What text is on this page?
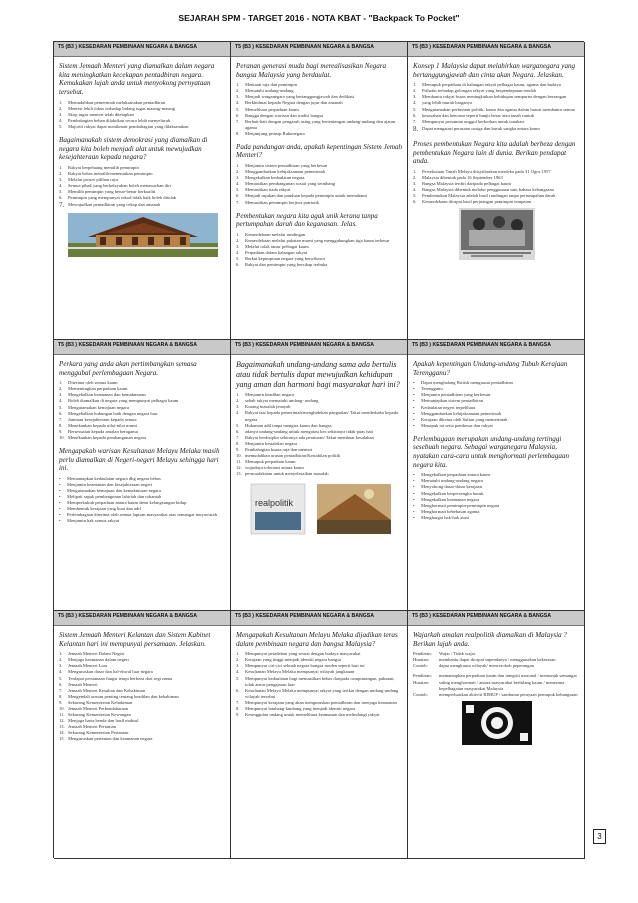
SEJARAH SPM - TARGET 2016 - NOTA KBAT - "Backpack To Pocket"
T5 (B3 ) KESEDARAN PEMBINAAN NEGARA & BANGSA
Sistem Jemaah Menteri yang diamalkan dalam negara kita meningkatkan kecekapan pentadbiran negara. Kemukakan lujah anda untuk menyokong pernyataan tersebut.
1.	Memudahkan pemerintah melaksanakan pentadbiran
2.	Menteri lebih fokus terhadap bidang tugas masing-masing
3.	Skop tugas menteri telah ditetapkan
4.	Pembahagian beban dilakukan secara lebih menyeluruh
5.	Majoriti rakyat dapat menikmati pembahagian yang dilaksanakan
Bagaimanakah sistem demokrasi yang diamalkan di negara kita boleh menjadi alat untuk mewujudkan kesejahteraan kepada negara?
1.	Rakyat berpeluang memilih pemimpin
2.	Rakyat bebas memilih/menentukan pemimpin
3.	Melalui proses pilihan raya
4.	Semua pihak yang berkelayakan boleh menawarkan diri
5.	Memilih pemimpin yang benar-benar berkualiti
6.	Pemimpin yang mempunyai rekod tidak baik boleh ditolak
7. Mewujudkan pentadbiran yang cekap dan amanah
T5 (B3 ) KESEDARAN PEMBINAAN NEGARA & BANGSA
Peranan generasi muda bagi merealisasikan Negara bangsa Malaysia yang berdaulat.
1.	Mentaati raja dan pemimpin
2.	Mematuhi undang-undang
3.	Menjadi warganegara yang bertanggungjawab dan dedikasi
4.	Berkhidmat kepada Negara dengan jujur dan amanah
5.	Memelihara perpaduan kaum
6.	Bangga dengan warisan dan tradisi bangsa
7.	Berhati-hati dengan pengaruh asing yang bertentangan undang-undang dan ajaran agama
8.	Menjunjung prinsip Rukunegara
Pada pandangan anda, apakah kepentingan Sistem Jemah Menteri?
1.	Menjamin sistem pentadbiran yang berkesan
2.	Menggambarkan kebijaksanaan pemerintah
3.	Mengekalkan kedaulatan negara
4.	Memastikan pembangunan sosial yang seimbang
5.	Memastikan tiada rakyat
6.	Menjadi rujukan dan panduan kepada pemimpin untuk memahami
7.	Memastikan pemimpin berjiwa patriotik
Pembentukan negara kita agak unik kerana tanpa pertumpahan darah dan keganasan. Jelas.
1.	Kemerdekaan melalui rundingan
2.	Kemerdekaan melalui pakatan murni yang menggabungkan tiga kaum terbesar
3.	Melalui tolak ansur pelbagai kaum
4.	Perpaduan dalam kalangan rakyat
5.	Berkat kepimpinan negara yang berwibawa
6.	Rakyat dan pemimpin yang bersikap terbuka
T5 (B3 ) KESEDARAN PEMBINAAN NEGARA & BANGSA
Konsep 1 Malaysia dapat melahirkan warganegara yang bertanggungjawab dan cinta akan Negara. Jelaskan.
1.	Memupuk perpaduan di kalangan rakyat pelbagai kaum, agama dan budaya
2.	Prihatin terhadap golongan rakyat yang berpendapatan rendah
3.	Membantu rakyat bsaas meningkatkan kehidupan sempurna dengan bersangan
4.	yang lebih murah harganya
5.	Mengutamakan perbezaan politik, kaum dan agama dalam hasrat membantu semua
6.	kesusahan dan bencana seperti banjir besar atau tanah runtuh
7.	Mempunyai persaman unggul berkorban untuk tanahair
8. Dapat mengatasi perasaan curiga dan buruk sangka antara kaum
Proses pembentukan Negara kita adalah berbeza dengan pembentukan Negara lain di dunia. Berikan pendapat anda.
1.	Persekutuan Tanah Melayu diisytiharkan merdeka pada 31 Ogos 1957
2.	Malaysia dibentuk pada 16 September 1963
3.	Bangsa Malaysia terdiri daripada pelbagai kaum
4.	Bangsa Malaysia dibentuk melalui penggunaan satu bahasa kebangsaan
5.	Pembentukan Malaysia adalah hasil rundingan tanpa pertumpahan darah
6.	Kemerdekaan dicapai hasil perjuangan pemimpin tempatan
T5 (B3 ) KESEDARAN PEMBINAAN NEGARA & BANGSA
Perkara yang anda akan pertimbangkan semasa menggubal perlembagaan Negara.
1.	Diterima oleh semua kaum
2.	Mementingkan perpaduan kaum
3.	Mengekalkan keamanan dan kemakmuran
4.	Boleh diamalkan di negara yang mempunyai pelbagai kaum
5.	Mengutamakan kemajuan negara
6.	Mengekalkan hubungan baik dengan negara luar
7.	Jaminan kesejahteraan kepada semua
8.	Menekankan kepada nilai-nilai murni
9.	Bersesuaian kepada amalan beragama
10. Menekankan kepada pembangunan negara
Mengapakah warisan Kesultanan Melayu Melaka masih perlu diamalkan di Negeri-negeri Melayu sehingga hari ini.
•	Memantapkan kedaulatan negara dbg negara bebas
•	Menjamin keamanan dan kesejahteraan negeri
•	Mengutamakan kemajuan dan kemakmuran negara
•	Melipati sapak pembangunan lahiriah dan rohaniah
•	Memperkukuh perpaduan antara kaum demi kelangsungan hidup
•	Membentuk kerajaan yang kuat dan adil
•	Perlembagaan diterima oleh semua lapisan masyarakat atas semangat muyawarah
•	Menjamin hak semua rakyat
T5 (B3 ) KESEDARAN PEMBINAAN NEGARA & BANGSA
Bagaimanakah undang-undang sama ada bertulis atau tidak bertulis dapat mewujudkan kehidupan yang aman dan harmoni bagi masyarakat hari ini?
1.	Menjamin keadilan negara
2.	sebab rakyat mematuhi undang- undang
3.	Kurang masalah jenayah
4.	Rakyat taat kepada pemerintah/menghidekan pangaalan/ Takut menderhaka kepada negara
5.	Hukuman adil tanpa mengira kaum dan bangsa
6.	adanya undang-undang untuk mengatasi kes sekiranya tidak puas hati
7.	Rakyat berdisiplin sekiranya ada peraturan/ Takut membuat kesalahan
8.	Menjamin kestabilan negara
9.	Pembahagian kuasa raja dan menteri
10. memudahkan urusan pentadbiran/Kestabilan politik
11. Memupuk perpaduan kaum
12. wujudnya toleransi antara kaum
13. permuafakatan untuk menyelesaikan masalah
realpolitik
T5 (B3 ) KESEDARAN PEMBINAAN NEGARA & BANGSA
Apakah kepentingan Undang-undang Tubuh Kerajaan Terengganu?
•	Dapat menghalang British menguasai pentadbiran
•	Terengganu
•	Menjamin pentadbiran yang berkesan
•	Memantapkan sistem pentadbiran
•	Kedaulatan negeri terpelihara
•	Menggambarkan kebijaksanaan pemerintah
•	Kerajaan diketua oleh Sultan yang memerintah
•	Menapuk tat setia pembesar dan rakyat
Perlembagaan merupakan undang-undang tertinggi sesebuah negara. Sebagai warganegara Malaysia, nyatakan cara-cara untuk menghormati perlembagaan negara kita.
•	Mengekalkan perpaduan antara kaum
•	Mematuhi undang-undang negara
•	Menyokong dasar-dasar kerajaan
•	Mengekalkan berpersengka buruk
•	Mengekalkan keamanan negara
•	Menghormati pemimpin-pemimpin negara
•	Menghormati kebebasan agama
•	Menghargai hak-hak asasi
T5 (B3 ) KESEDARAN PEMBINAAN NEGARA & BANGSA
Sistem Jemaah Menteri Kelantan dan Sistem Kabinet Kelantan hari ini mempunyai persamaan. Jelaskan.
1.	Jemaah Menteri Dalam Negeri
2.	Menjaga keamanan dalam negeri
3.	Jemaah Menteri Luar
4.	Menguruskan dasar dan hal-ehwal luar negara
5.	Terdapat persamaan fungsi tetapi berbeza dari segi nama
6.	Jemaah Menteri
7.	Jemaah Menteri Kesultan dan Kehakiman
8.	Mengendali urusan penting tentang keadilan dan kehakiman
9.	Sekarang Kementerian Kehakiman
10. Jemaah Menteri Perbendaharaan
11. Sekarang Kementerian Kewangan
12. Menjaga harta benda dan hasil mahsul
13. Jemaah Menteri Pertanian
14. Sekarang Kementerian Pertanian
15. Menguruskan pertanian dan keamanan negara
T5 (B3 ) KESEDARAN PEMBINAAN NEGARA & BANGSA
Mengapakah Kesultanan Melayu Melaka dijadikan teras dalam pembinaan negara dan bangsa Malaysia?
1.	Mempunyai peradaban yang sesuai dengan budaya masyarakat
2.	Kerajaan yang tinggi menjadi identiti negara bangsa
3.	Mempunyai ciri-ciri sebuah negara bangsa moden seperti hari ini
4.	Kesultanan Melayu Melaka mempunyai wilayah jangkauan
5.	Mempunyai kedaulatan bagi memastikan bebas daripada campurtangan, paksaan, tolak ansur pengajaran luar
6.	Kesultanan Melayu Melaka mempunyai rakyat yang terikat dengan undang-undang wilayah tersebut
7.	Mempunyai kerajaan yang akan menguruskan pentadbiran dan menjaga keamanan
8.	Mempunyai lambang-lambang yang menjadi identiti negara
9.	Kesinggulan undang untuk memelihara keamanan dan melindungi rakyat
T5 (B3 ) KESEDARAN PEMBINAAN NEGARA & BANGSA
Wajarkah amalan realpolitik diamalkan di Malaysia ? Berikan lujah anda.
Pendirian:	Wajar / Tidak wajar
Huraian:	membantu dapat dicapai supendanya / menggunakan kekerasan
Contoh:	dapat mengkuasa wilayah/ menceroboh peperangan
Pendirian:	memantapkan perpaduan kaum dan integriti nasional / memunuh semangat
Huraian:	saling menghormati / antara masyarakat berbilang kaum / menerima kepelbagaian masyarakat Malaysia
Contoh:	memperluaskan aktiviti RIMUP / sambutan perayaan pemupuk kebangsaan
3
